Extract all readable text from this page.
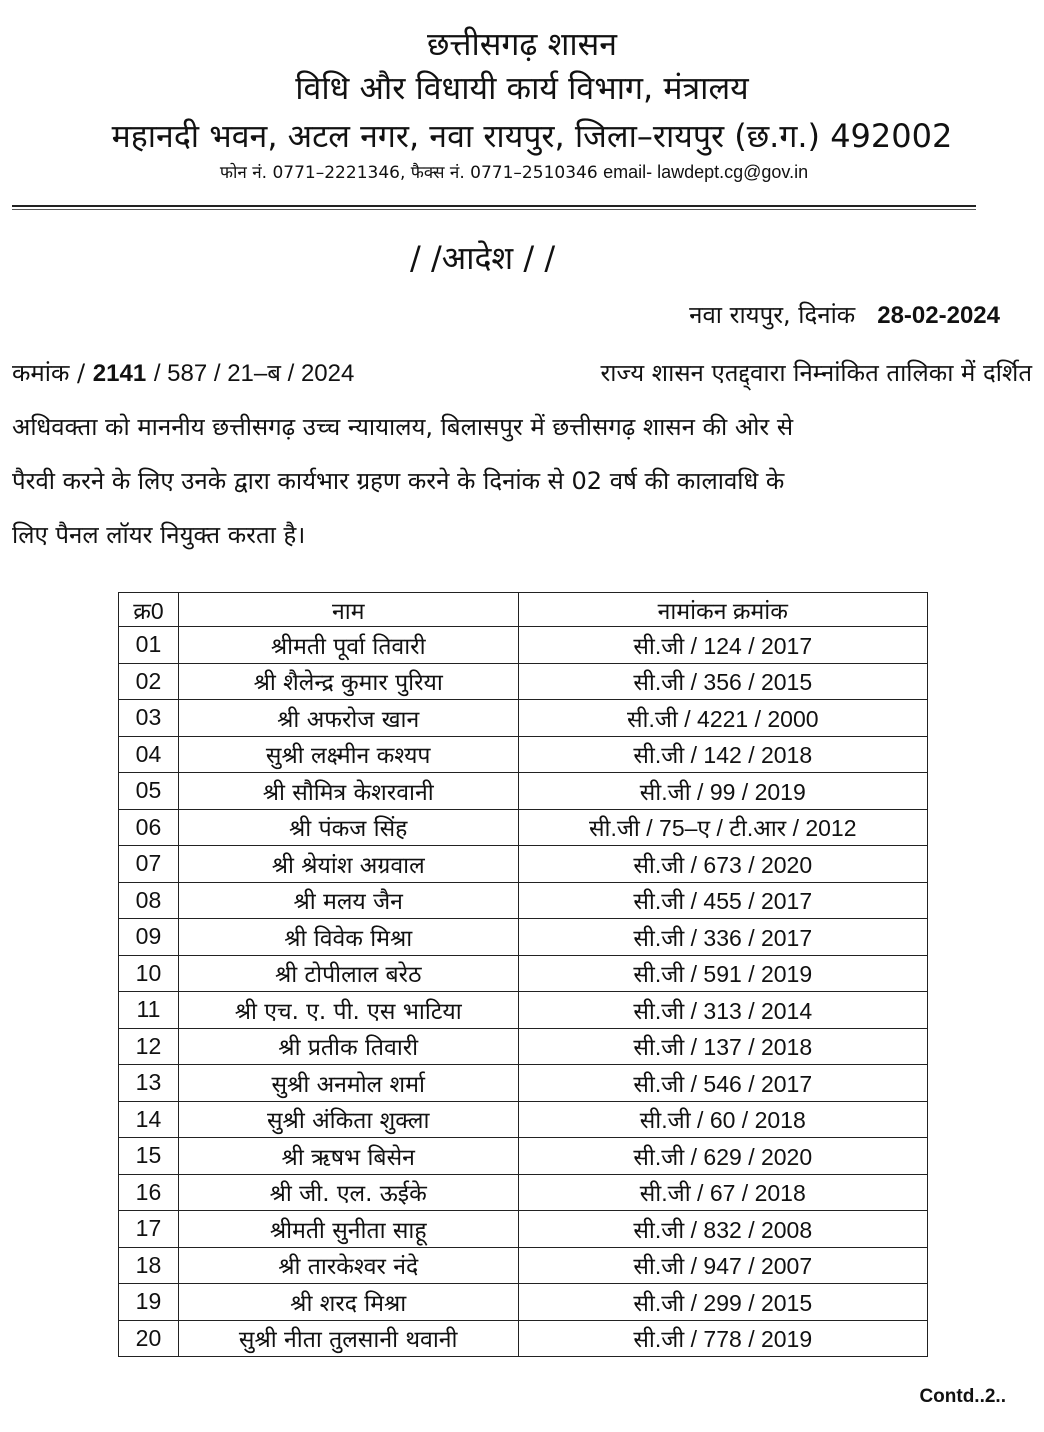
छत्तीसगढ़ शासन
विधि और विधायी कार्य विभाग, मंत्रालय
महानदी भवन, अटल नगर, नवा रायपुर, जिला–रायपुर (छ.ग.) 492002
फोन नं. 0771–2221346, फैक्स नं. 0771–2510346 email- lawdept.cg@gov.in
/ /आदेश / /
नवा रायपुर, दिनांक 28-02-2024
कमांक / 2141 / 587 / 21–ब / 2024	राज्य शासन एतद्द्वारा निम्नांकित तालिका में दर्शित
अधिवक्ता को माननीय छत्तीसगढ़ उच्च न्यायालय, बिलासपुर में छत्तीसगढ़ शासन की ओर से
पैरवी करने के लिए उनके द्वारा कार्यभार ग्रहण करने के दिनांक से 02 वर्ष की कालावधि के
लिए पैनल लॉयर नियुक्त करता है।
क्र0	नाम	नामांकन क्रमांक
01	श्रीमती पूर्वा तिवारी	सी.जी / 124 / 2017
02	श्री शैलेन्द्र कुमार पुरिया	सी.जी / 356 / 2015
03	श्री अफरोज खान	सी.जी / 4221 / 2000
04	सुश्री लक्ष्मीन कश्यप	सी.जी / 142 / 2018
05	श्री सौमित्र केशरवानी	सी.जी / 99 / 2019
06	श्री पंकज सिंह	सी.जी / 75–ए / टी.आर / 2012
07	श्री श्रेयांश अग्रवाल	सी.जी / 673 / 2020
08	श्री मलय जैन	सी.जी / 455 / 2017
09	श्री विवेक मिश्रा	सी.जी / 336 / 2017
10	श्री टोपीलाल बरेठ	सी.जी / 591 / 2019
11	श्री एच. ए. पी. एस भाटिया	सी.जी / 313 / 2014
12	श्री प्रतीक तिवारी	सी.जी / 137 / 2018
13	सुश्री अनमोल शर्मा	सी.जी / 546 / 2017
14	सुश्री अंकिता शुक्ला	सी.जी / 60 / 2018
15	श्री ऋषभ बिसेन	सी.जी / 629 / 2020
16	श्री जी. एल. ऊईके	सी.जी / 67 / 2018
17	श्रीमती सुनीता साहू	सी.जी / 832 / 2008
18	श्री तारकेश्वर नंदे	सी.जी / 947 / 2007
19	श्री शरद मिश्रा	सी.जी / 299 / 2015
20	सुश्री नीता तुलसानी थवानी	सी.जी / 778 / 2019
Contd..2..
